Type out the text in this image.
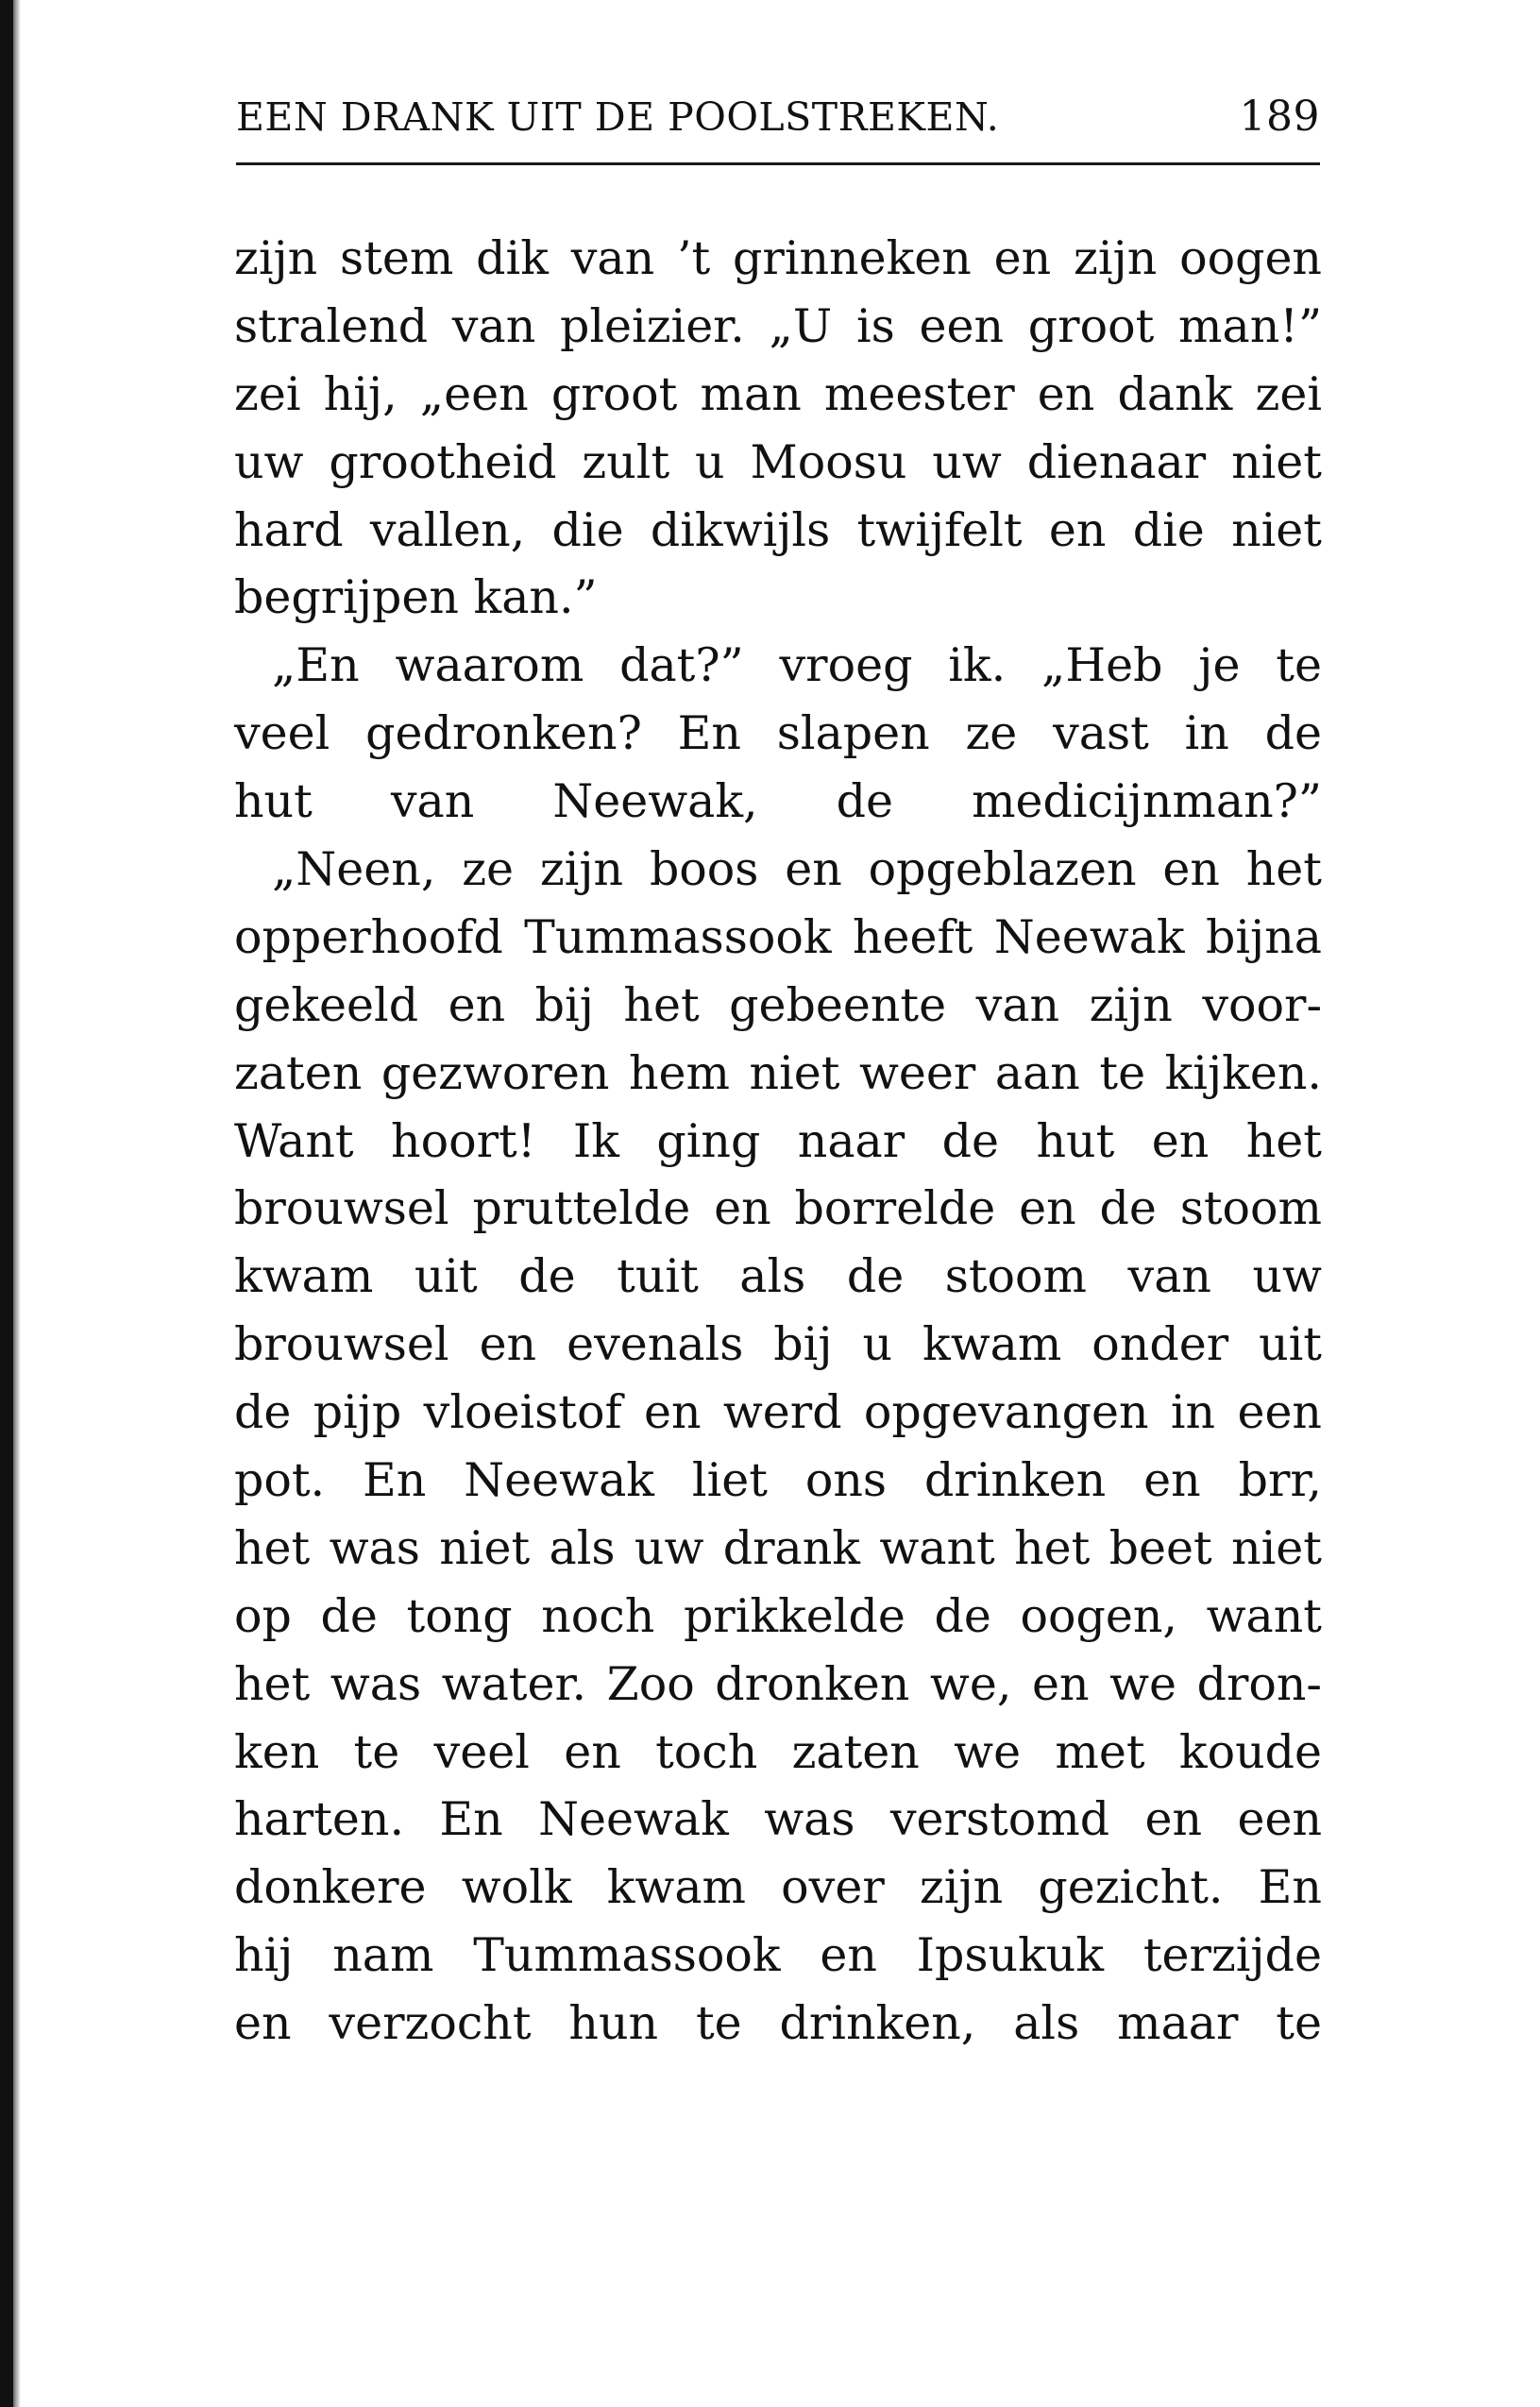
EEN DRANK UIT DE POOLSTREKEN.	189
zijn stem dik van ’t grinneken en zijn oogen
stralend van pleizier. „U is een groot man!”
zei hij, „een groot man meester en dank zei
uw grootheid zult u Moosu uw dienaar niet
hard vallen, die dikwijls twijfelt en die niet
begrijpen kan.”
„En waarom dat?” vroeg ik. „Heb je te
veel gedronken? En slapen ze vast in de
hut van Neewak, de medicijnman?”
„Neen, ze zijn boos en opgeblazen en het
opperhoofd Tummassook heeft Neewak bijna
gekeeld en bij het gebeente van zijn voor-
zaten gezworen hem niet weer aan te kijken.
Want hoort! Ik ging naar de hut en het
brouwsel pruttelde en borrelde en de stoom
kwam uit de tuit als de stoom van uw
brouwsel en evenals bij u kwam onder uit
de pijp vloeistof en werd opgevangen in een
pot. En Neewak liet ons drinken en brr,
het was niet als uw drank want het beet niet
op de tong noch prikkelde de oogen, want
het was water. Zoo dronken we, en we dron-
ken te veel en toch zaten we met koude
harten. En Neewak was verstomd en een
donkere wolk kwam over zijn gezicht. En
hij nam Tummassook en Ipsukuk terzijde
en verzocht hun te drinken, als maar te
